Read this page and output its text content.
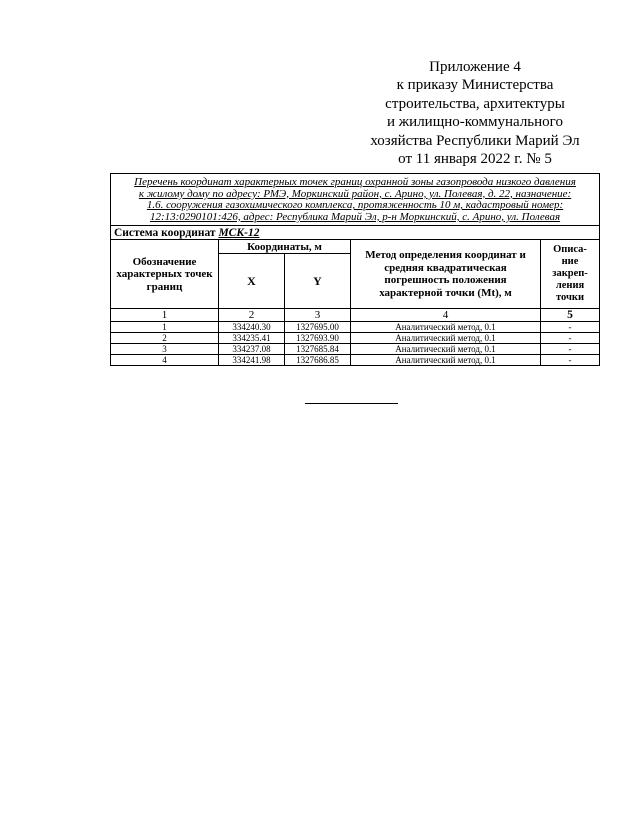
Приложение 4
к приказу Министерства
строительства, архитектуры
и жилищно-коммунального
хозяйства Республики Марий Эл
от 11 января 2022 г. № 5
Перечень координат характерных точек границ охранной зоны газопровода низкого давления
к жилому дому по адресу: РМЭ, Моркинский район, с. Арино, ул. Полевая, д. 22, назначение:
1.6. сооружения газохимического комплекса, протяженность 10 м, кадастровый номер:
12:13:0290101:426, адрес: Республика Марий Эл, р-н Моркинский, с. Арино, ул. Полевая				

Система координат МСК-12				
Обозначение характерных точек границ	Координаты, м		Метод определения координат и средняя квадратическая погрешность положения характерной точки (Mt), м	Описа-ние закреп-ления точки
	X	Y		
1	2	3	4	5
1	334240.30	1327695.00	Аналитический метод, 0.1	-
2	334235.41	1327693.90	Аналитический метод, 0.1	-
3	334237.08	1327685.84	Аналитический метод, 0.1	-
4	334241.98	1327686.85	Аналитический метод, 0.1	-
